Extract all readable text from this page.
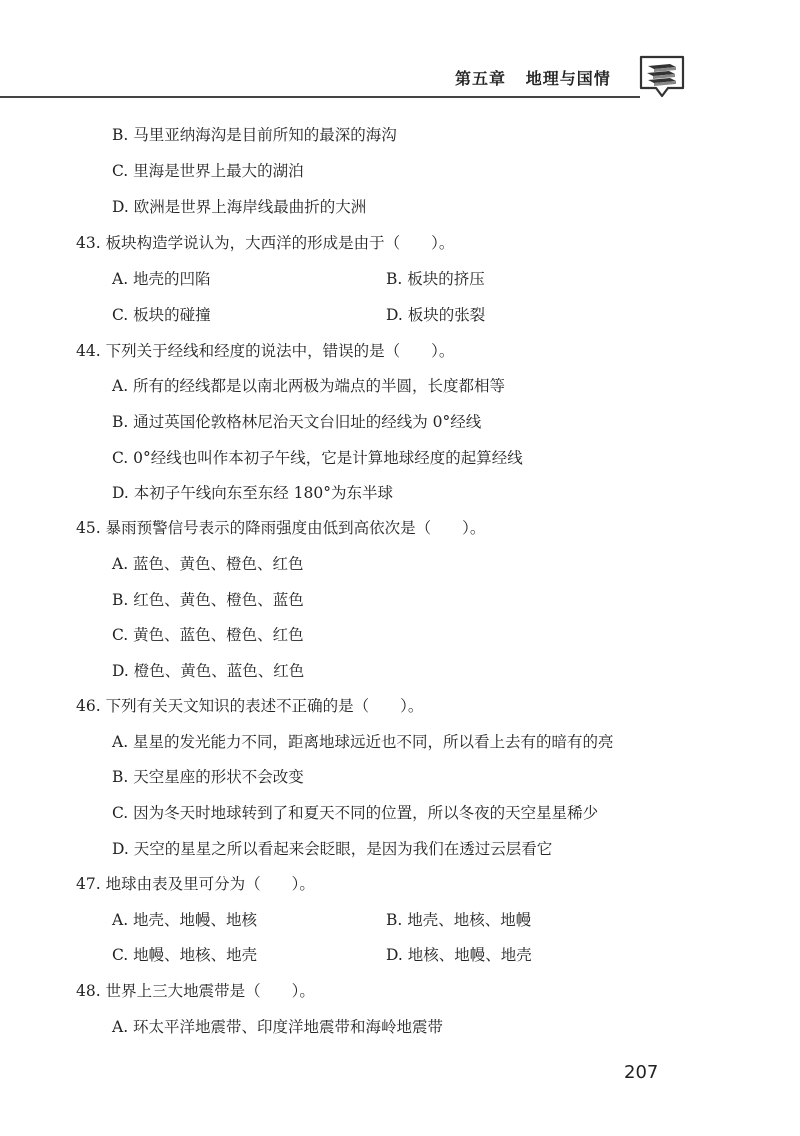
第五章 地理与国情
B. 马里亚纳海沟是目前所知的最深的海沟
C. 里海是世界上最大的湖泊
D. 欧洲是世界上海岸线最曲折的大洲
43. 板块构造学说认为，大西洋的形成是由于（　　）。
A. 地壳的凹陷	B. 板块的挤压
C. 板块的碰撞	D. 板块的张裂
44. 下列关于经线和经度的说法中，错误的是（　　）。
A. 所有的经线都是以南北两极为端点的半圆，长度都相等
B. 通过英国伦敦格林尼治天文台旧址的经线为 0°经线
C. 0°经线也叫作本初子午线，它是计算地球经度的起算经线
D. 本初子午线向东至东经 180°为东半球
45. 暴雨预警信号表示的降雨强度由低到高依次是（　　）。
A. 蓝色、黄色、橙色、红色
B. 红色、黄色、橙色、蓝色
C. 黄色、蓝色、橙色、红色
D. 橙色、黄色、蓝色、红色
46. 下列有关天文知识的表述不正确的是（　　）。
A. 星星的发光能力不同，距离地球远近也不同，所以看上去有的暗有的亮
B. 天空星座的形状不会改变
C. 因为冬天时地球转到了和夏天不同的位置，所以冬夜的天空星星稀少
D. 天空的星星之所以看起来会眨眼，是因为我们在透过云层看它
47. 地球由表及里可分为（　　）。
A. 地壳、地幔、地核	B. 地壳、地核、地幔
C. 地幔、地核、地壳	D. 地核、地幔、地壳
48. 世界上三大地震带是（　　）。
A. 环太平洋地震带、印度洋地震带和海岭地震带
207
